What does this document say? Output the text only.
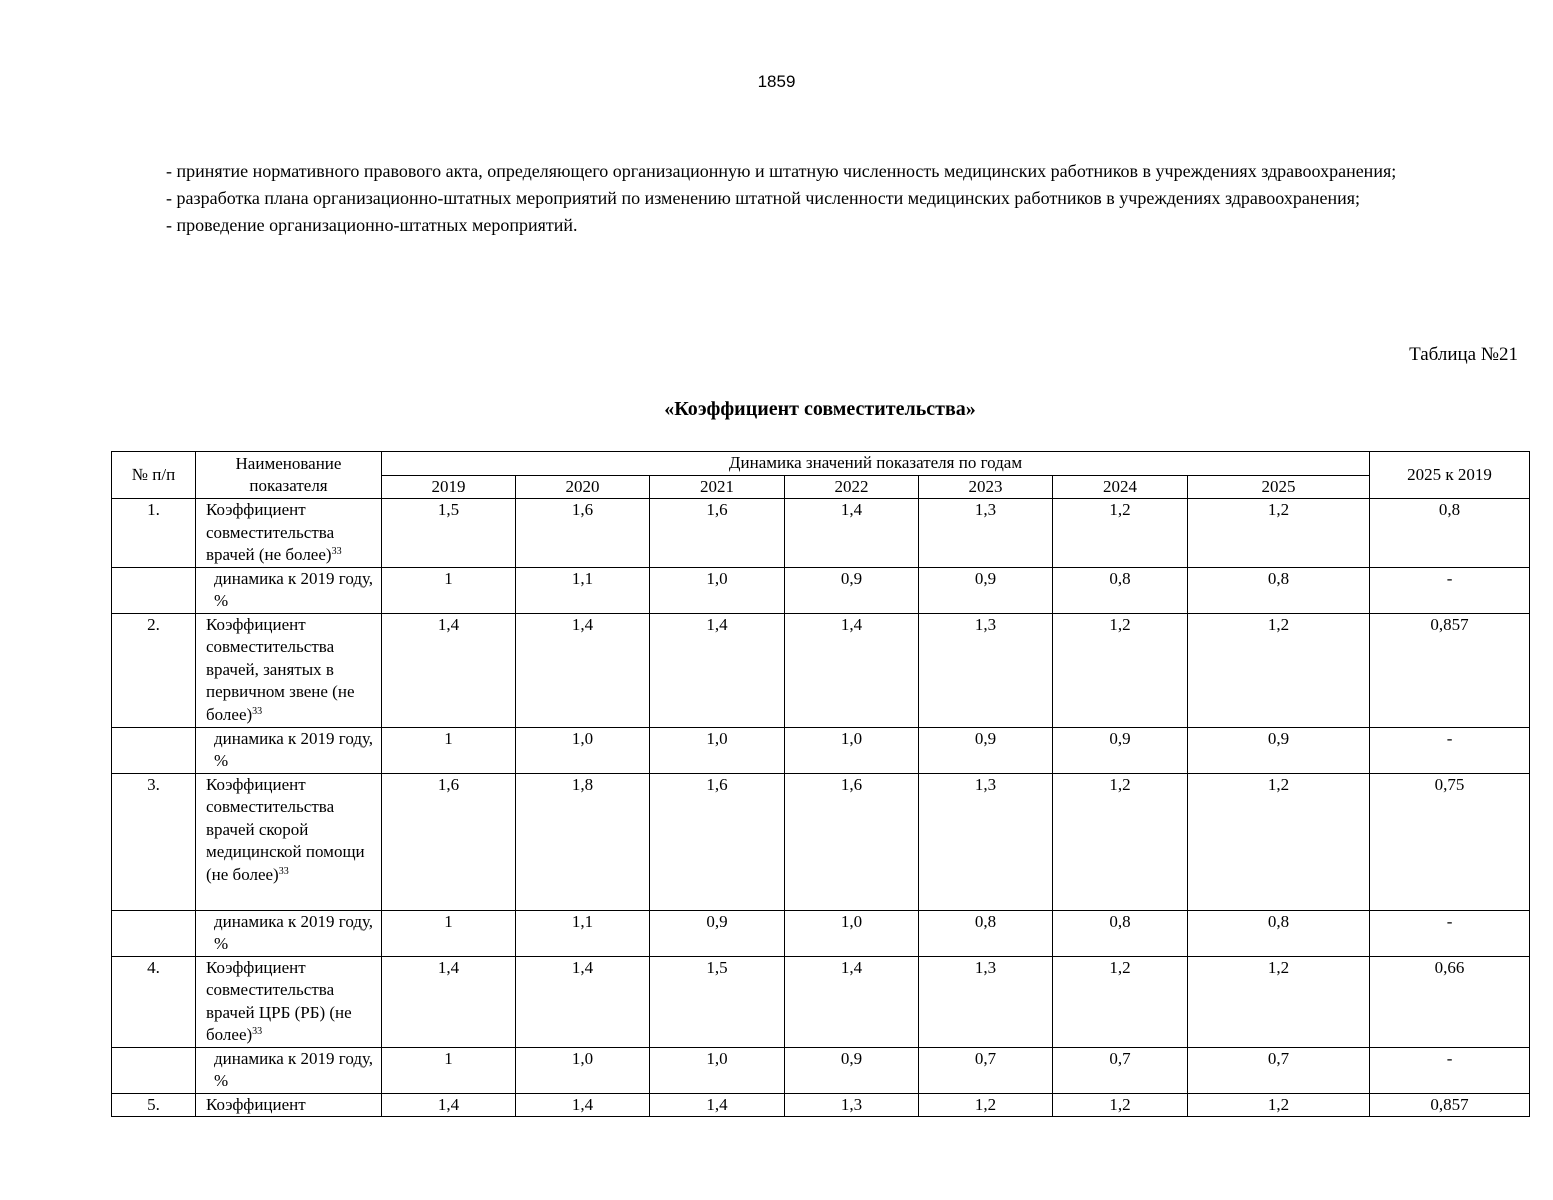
1859

- принятие нормативного правового акта, определяющего организационную и штатную численность медицинских работников в учреждениях здравоохранения;

- разработка плана организационно-штатных мероприятий по изменению штатной численности медицинских работников в учреждениях здравоохранения;

- проведение организационно-штатных мероприятий.

Таблица №21
«Коэффициент совместительства»
№ п/п	Наименование показателя	Динамика значений показателя по годам							2025 к 2019
		2019	2020	2021	2022	2023	2024	2025	
1.	Коэффициент совместительства врачей (не более)$^{33}$	1,5	1,6	1,6	1,4	1,3	1,2	1,2	0,8
	динамика к 2019 году, %	1	1,1	1,0	0,9	0,9	0,8	0,8	-
2.	Коэффициент совместительства врачей, занятых в первичном звене (не более)$^{33}$	1,4	1,4	1,4	1,4	1,3	1,2	1,2	0,857
	динамика к 2019 году, %	1	1,0	1,0	1,0	0,9	0,9	0,9	-
3.	Коэффициент совместительства врачей скорой медицинской помощи (не более)$^{33}$	1,6	1,8	1,6	1,6	1,3	1,2	1,2	0,75
	динамика к 2019 году, %	1	1,1	0,9	1,0	0,8	0,8	0,8	-
4.	Коэффициент совместительства врачей ЦРБ (РБ) (не более)$^{33}$	1,4	1,4	1,5	1,4	1,3	1,2	1,2	0,66
	динамика к 2019 году, %	1	1,0	1,0	0,9	0,7	0,7	0,7	-
5.	Коэффициент	1,4	1,4	1,4	1,3	1,2	1,2	1,2	0,857
